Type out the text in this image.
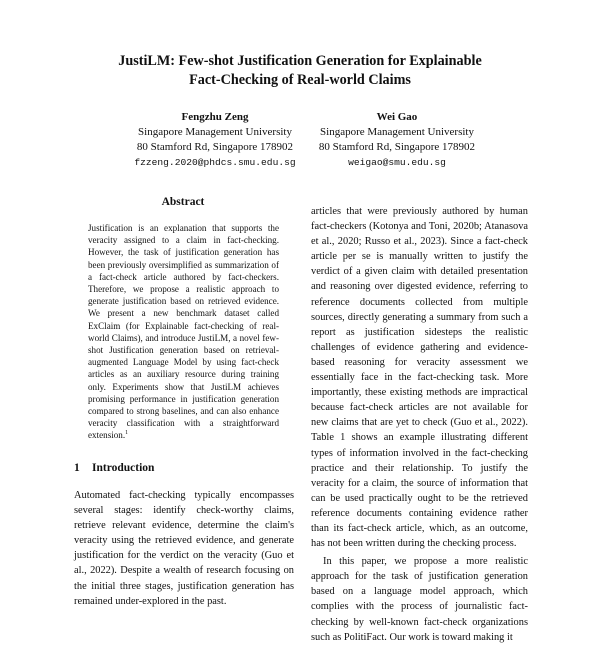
JustiLM: Few-shot Justification Generation for Explainable
Fact-Checking of Real-world Claims
Fengzhu Zeng
Singapore Management University
80 Stamford Rd, Singapore 178902
fzzeng.2020@phdcs.smu.edu.sg
Wei Gao
Singapore Management University
80 Stamford Rd, Singapore 178902
weigao@smu.edu.sg
Abstract
Justification is an explanation that supports the veracity assigned to a claim in fact-checking. However, the task of justification generation has been previously oversimplified as summarization of a fact-check article authored by fact-checkers. Therefore, we propose a realistic approach to generate justification based on retrieved evidence. We present a new benchmark dataset called ExClaim (for Explainable fact-checking of real-world Claims), and introduce JustiLM, a novel few-shot Justification generation based on retrieval-augmented Language Model by using fact-check articles as an auxiliary resource during training only. Experiments show that JustiLM achieves promising performance in justification generation compared to strong baselines, and can also enhance veracity classification with a straightforward extension.$^1$
1 Introduction

Automated fact-checking typically encompasses several stages: identify check-worthy claims, retrieve relevant evidence, determine the claim's veracity using the retrieved evidence, and generate justification for the verdict on the veracity (Guo et al., 2022). Despite a wealth of research focusing on the initial three stages, justification generation has remained under-explored in the past.

articles that were previously authored by human fact-checkers (Kotonya and Toni, 2020b; Atanasova et al., 2020; Russo et al., 2023). Since a fact-check article per se is manually written to justify the verdict of a given claim with detailed presentation and reasoning over digested evidence, referring to reference documents collected from multiple sources, directly generating a summary from such a report as justification sidesteps the realistic challenges of evidence gathering and evidence-based reasoning for veracity assessment we essentially face in the fact-checking task. More importantly, these existing methods are impractical because fact-check articles are not available for new claims that are yet to check (Guo et al., 2022). Table 1 shows an example illustrating different types of information involved in the fact-checking practice and their relationship. To justify the veracity for a claim, the source of information that can be used practically ought to be the retrieved reference documents containing evidence rather than its fact-check article, which, as an outcome, has not been written during the checking process.

In this paper, we propose a more realistic approach for the task of justification generation based on a language model approach, which complies with the process of journalistic fact-checking by well-known fact-check organizations such as PolitiFact. Our work is toward making it
